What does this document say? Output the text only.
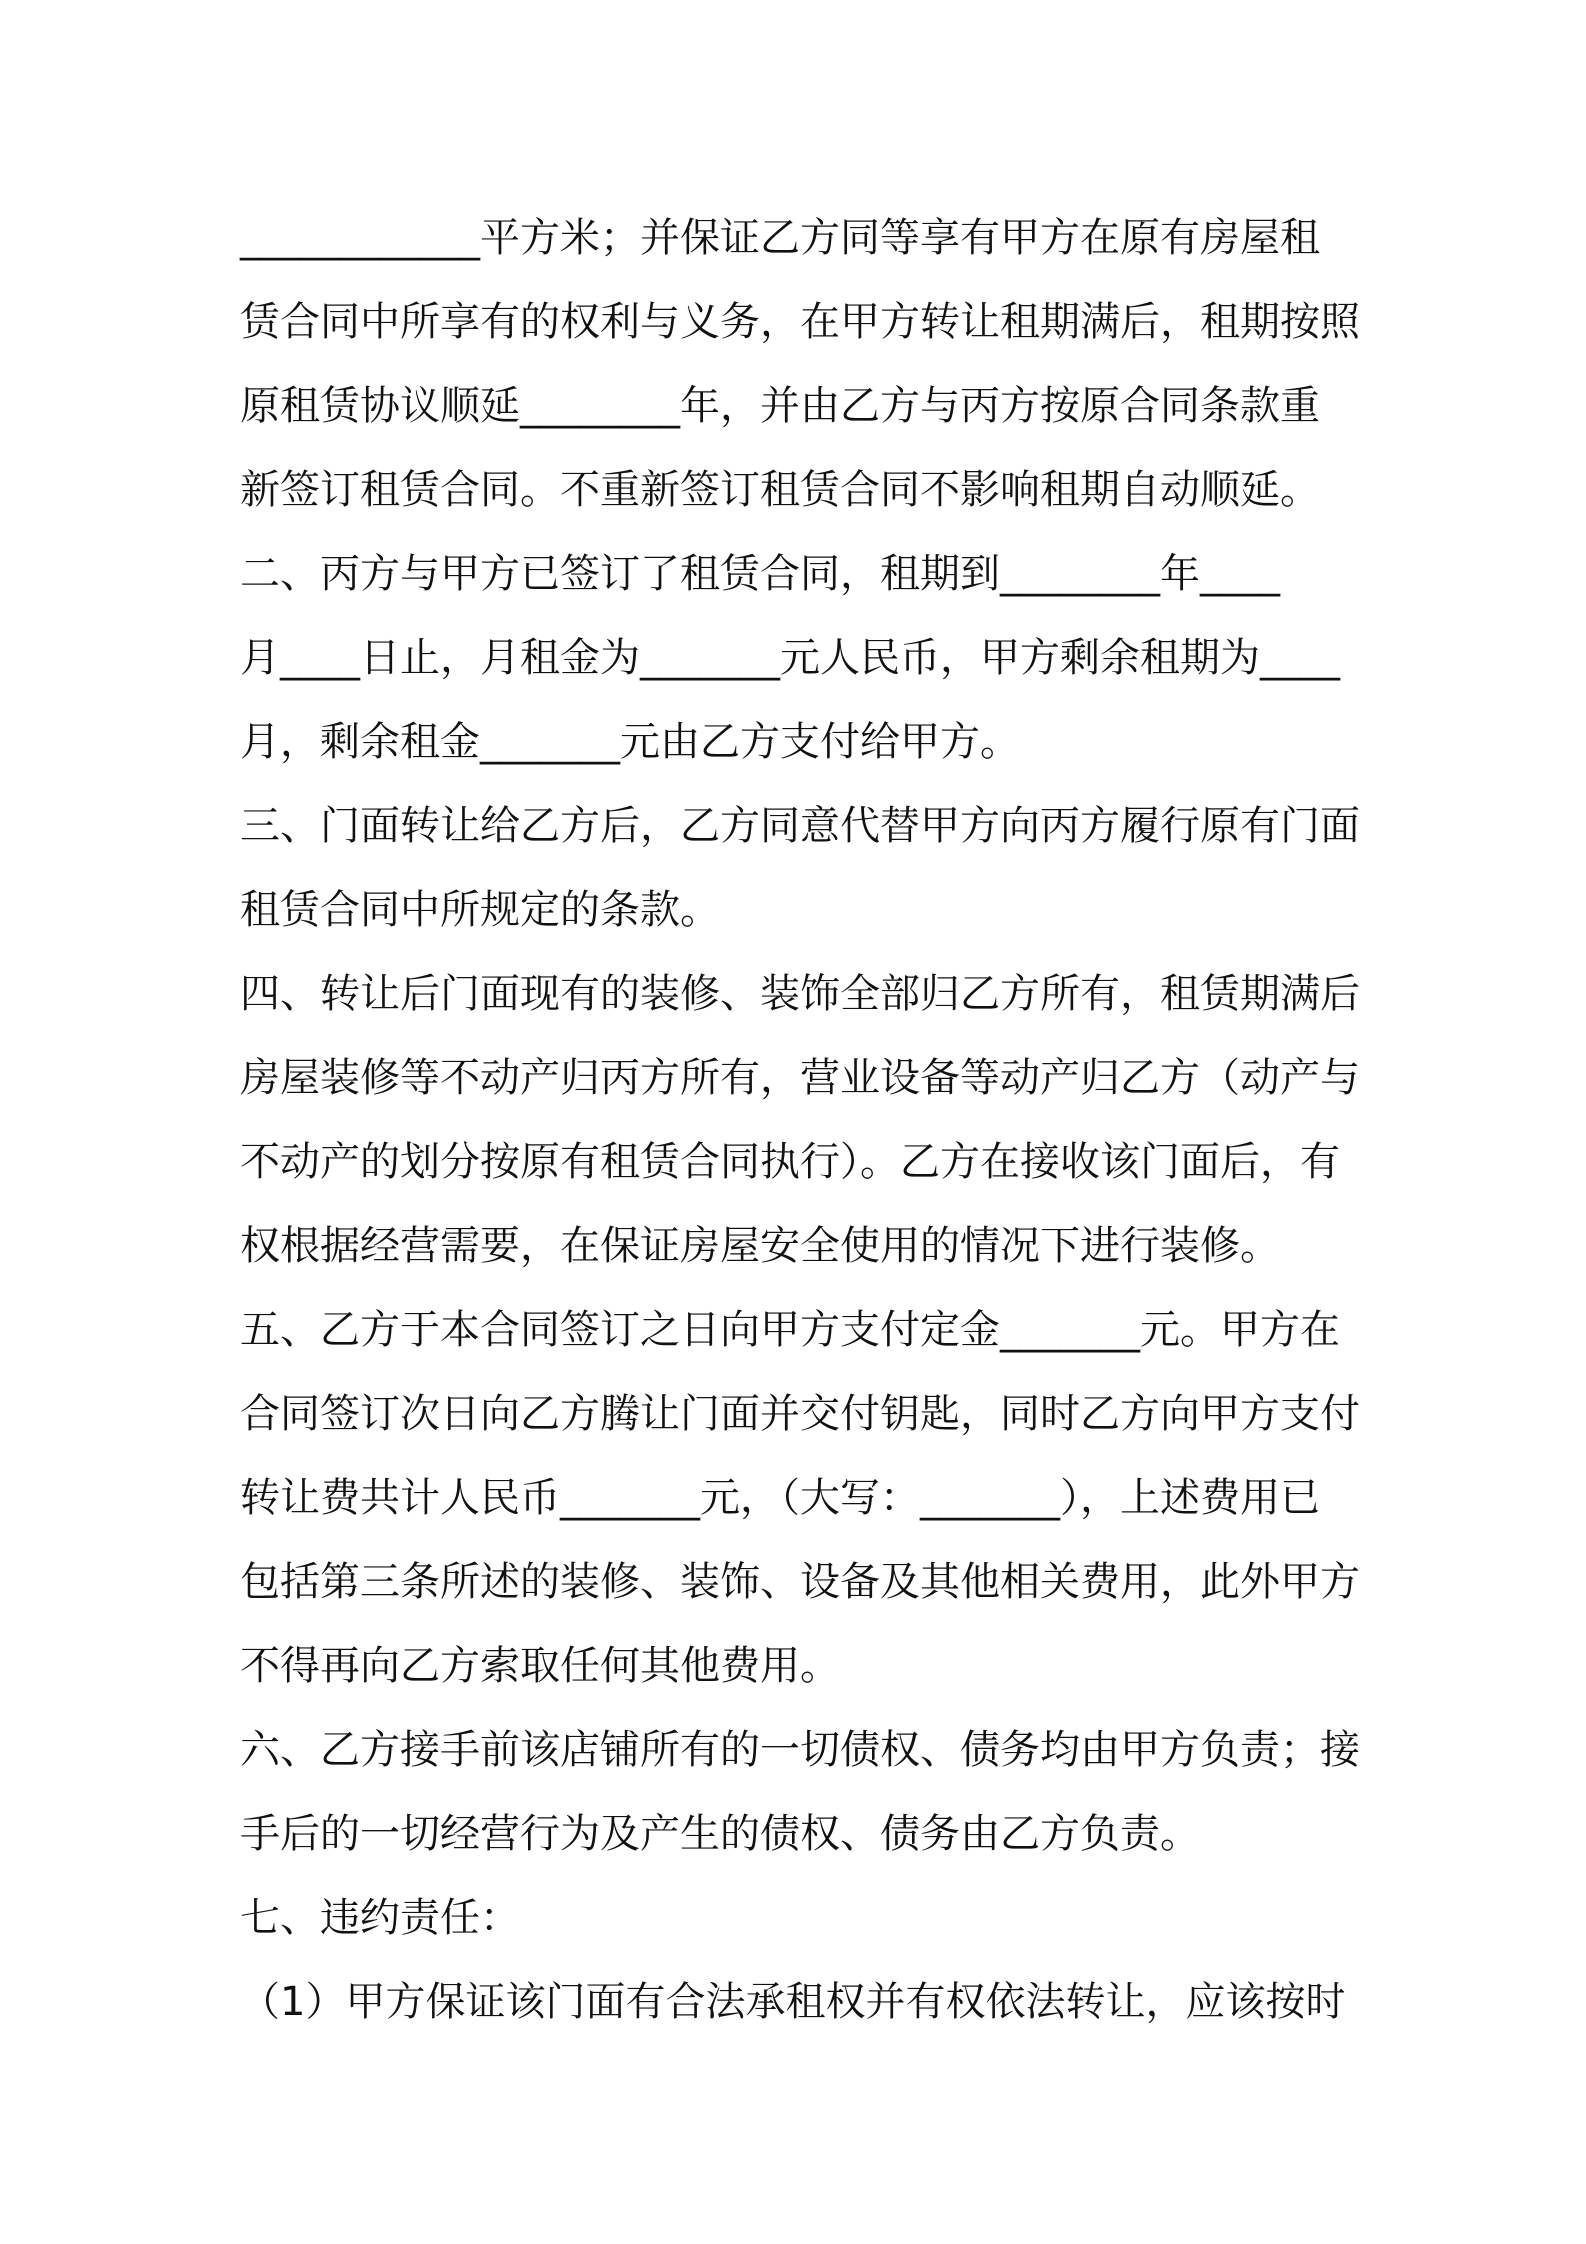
____________平方米；并保证乙方同等享有甲方在原有房屋租
赁合同中所享有的权利与义务，在甲方转让租期满后，租期按照
原租赁协议顺延________年，并由乙方与丙方按原合同条款重
新签订租赁合同。不重新签订租赁合同不影响租期自动顺延。
二、丙方与甲方已签订了租赁合同，租期到________年____
月____日止，月租金为_______元人民币，甲方剩余租期为____
月，剩余租金_______元由乙方支付给甲方。
三、门面转让给乙方后，乙方同意代替甲方向丙方履行原有门面
租赁合同中所规定的条款。
四、转让后门面现有的装修、装饰全部归乙方所有，租赁期满后
房屋装修等不动产归丙方所有，营业设备等动产归乙方（动产与
不动产的划分按原有租赁合同执行）。乙方在接收该门面后，有
权根据经营需要，在保证房屋安全使用的情况下进行装修。
五、乙方于本合同签订之日向甲方支付定金_______元。甲方在
合同签订次日向乙方腾让门面并交付钥匙，同时乙方向甲方支付
转让费共计人民币_______元，（大写：_______），上述费用已
包括第三条所述的装修、装饰、设备及其他相关费用，此外甲方
不得再向乙方索取任何其他费用。
六、乙方接手前该店铺所有的一切债权、债务均由甲方负责；接
手后的一切经营行为及产生的债权、债务由乙方负责。
七、违约责任：
（1）甲方保证该门面有合法承租权并有权依法转让，应该按时
